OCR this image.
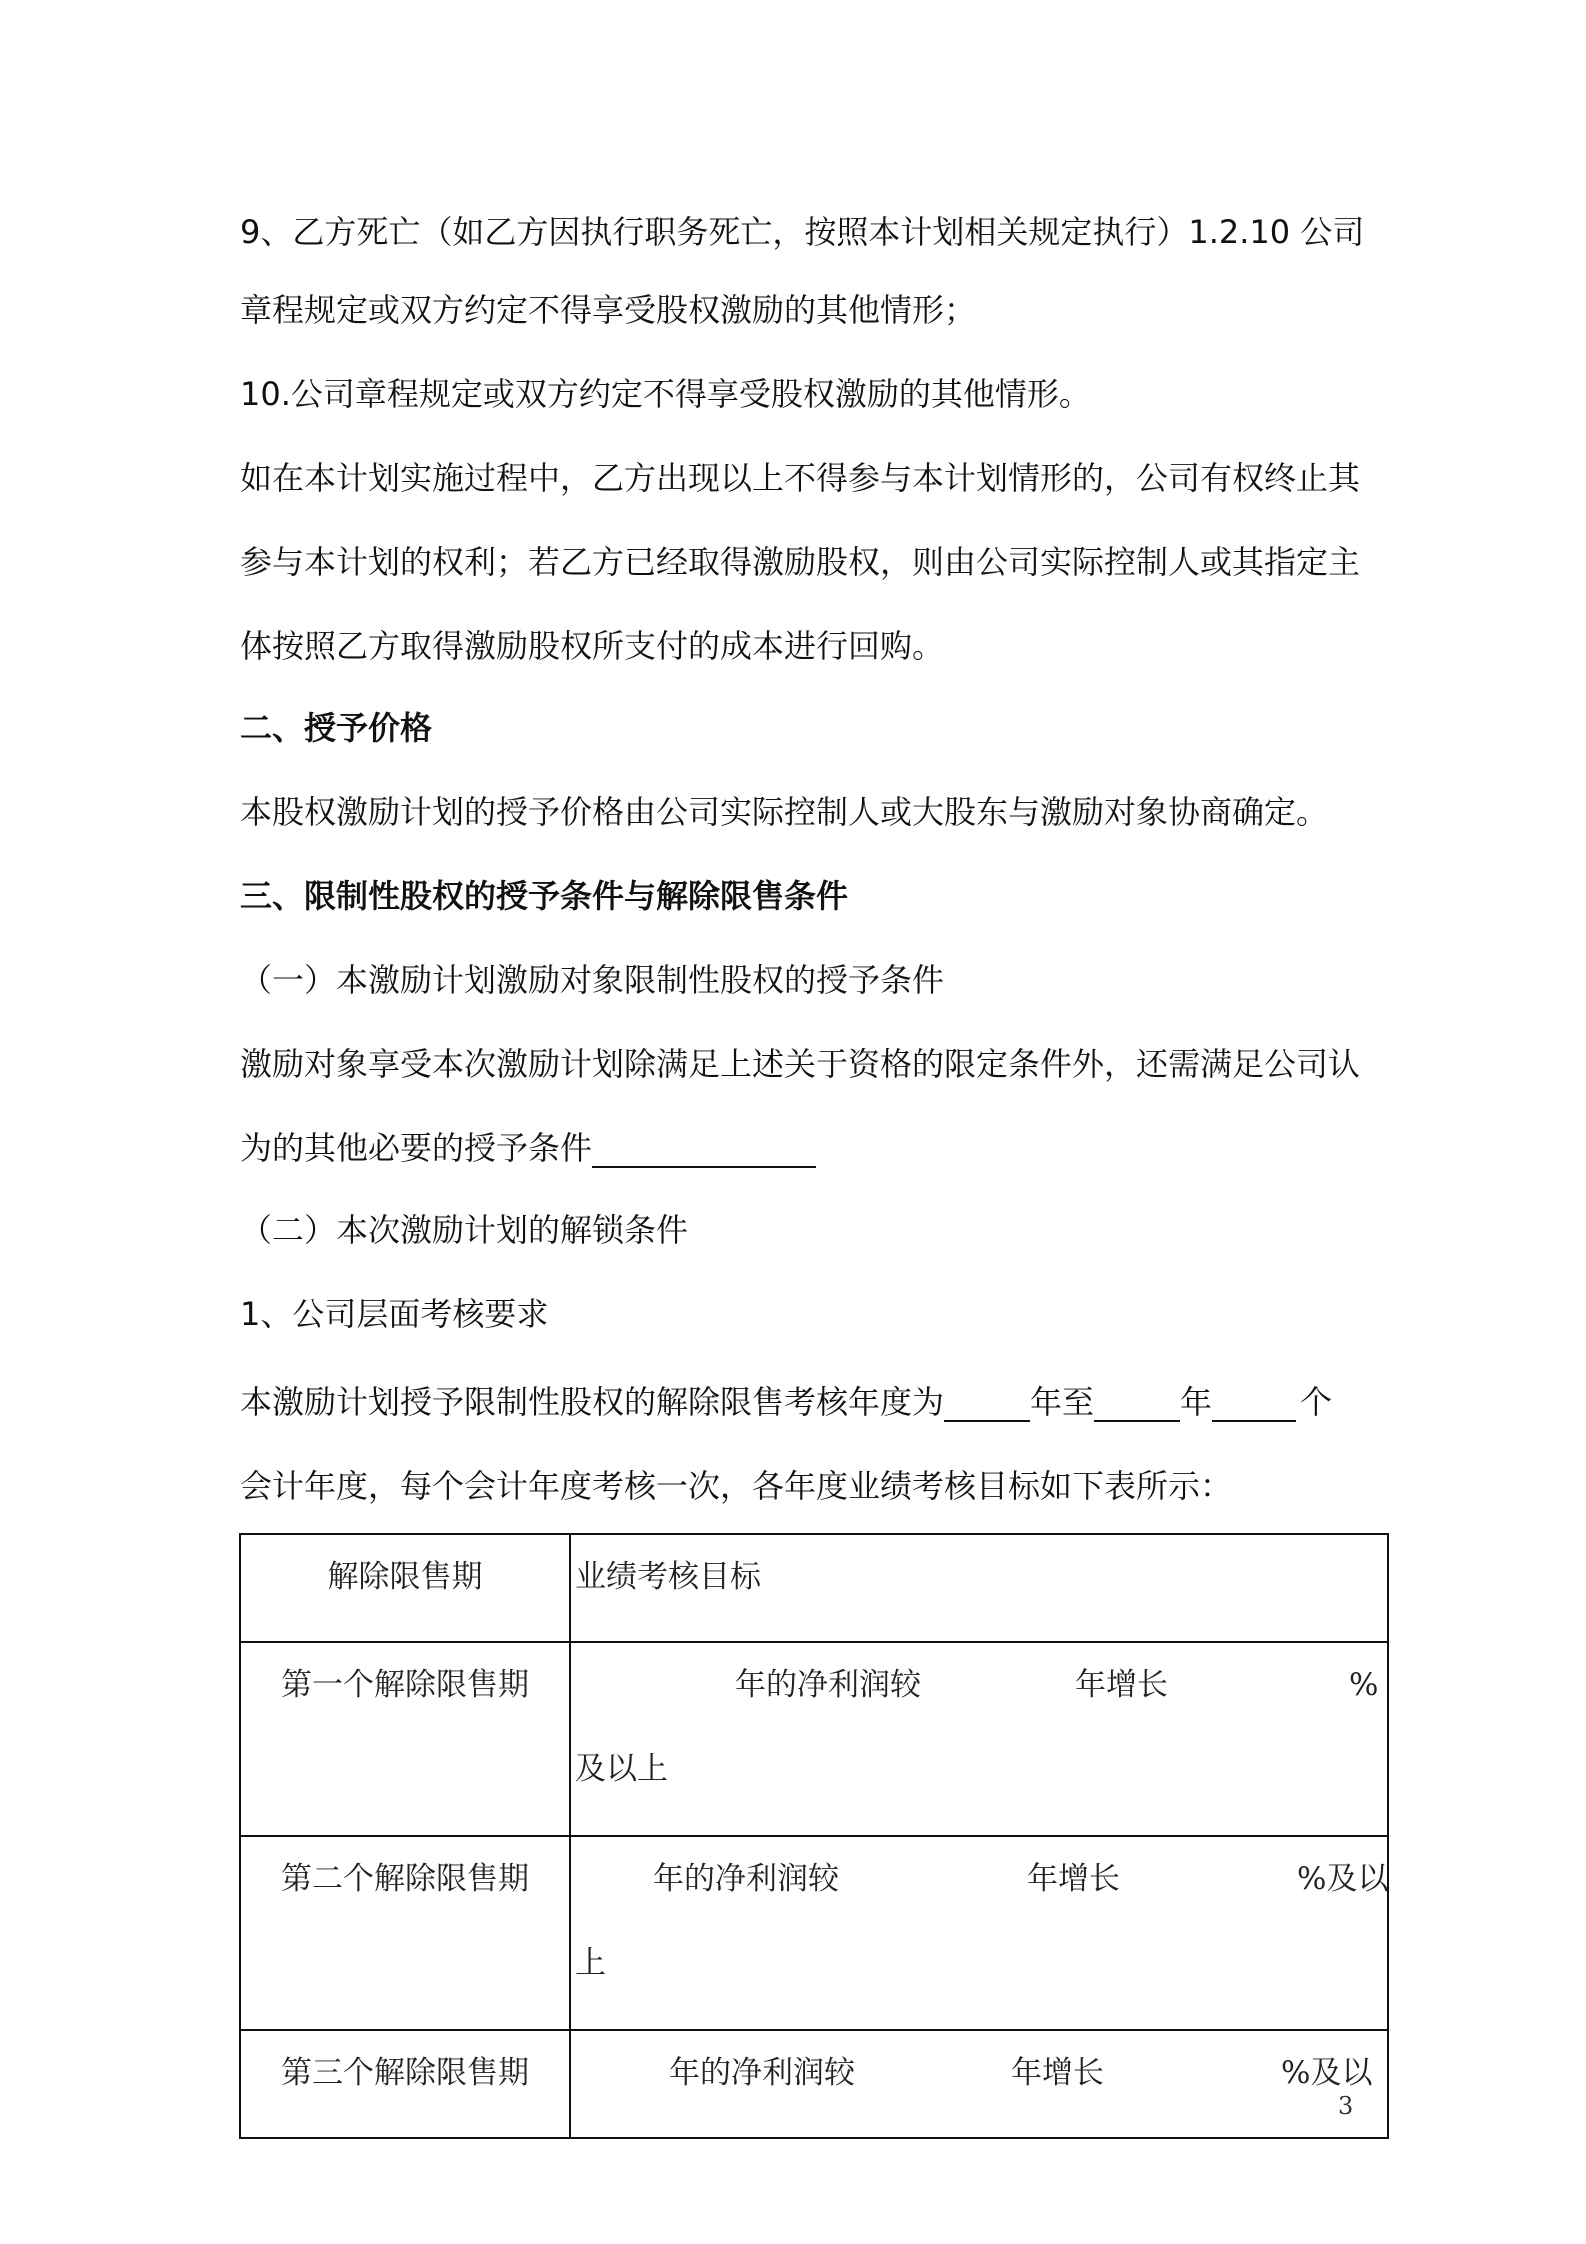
9、乙方死亡（如乙方因执行职务死亡，按照本计划相关规定执行）1.2.10 公司

章程规定或双方约定不得享受股权激励的其他情形；

10.公司章程规定或双方约定不得享受股权激励的其他情形。

如在本计划实施过程中，乙方出现以上不得参与本计划情形的，公司有权终止其

参与本计划的权利；若乙方已经取得激励股权，则由公司实际控制人或其指定主

体按照乙方取得激励股权所支付的成本进行回购。

二、授予价格

本股权激励计划的授予价格由公司实际控制人或大股东与激励对象协商确定。

三、限制性股权的授予条件与解除限售条件

（一）本激励计划激励对象限制性股权的授予条件

激励对象享受本次激励计划除满足上述关于资格的限定条件外，还需满足公司认

为的其他必要的授予条件

（二）本次激励计划的解锁条件

1、公司层面考核要求

本激励计划授予限制性股权的解除限售考核年度为	年至	年	个

会计年度，每个会计年度考核一次，各年度业绩考核目标如下表所示：

解除限售期	业绩考核目标
第一个解除限售期	年的净利润较 年增长 %
及以上

第二个解除限售期	年的净利润较 年增长 %及以
上

第三个解除限售期	年的净利润较 年增长 %及以
3
